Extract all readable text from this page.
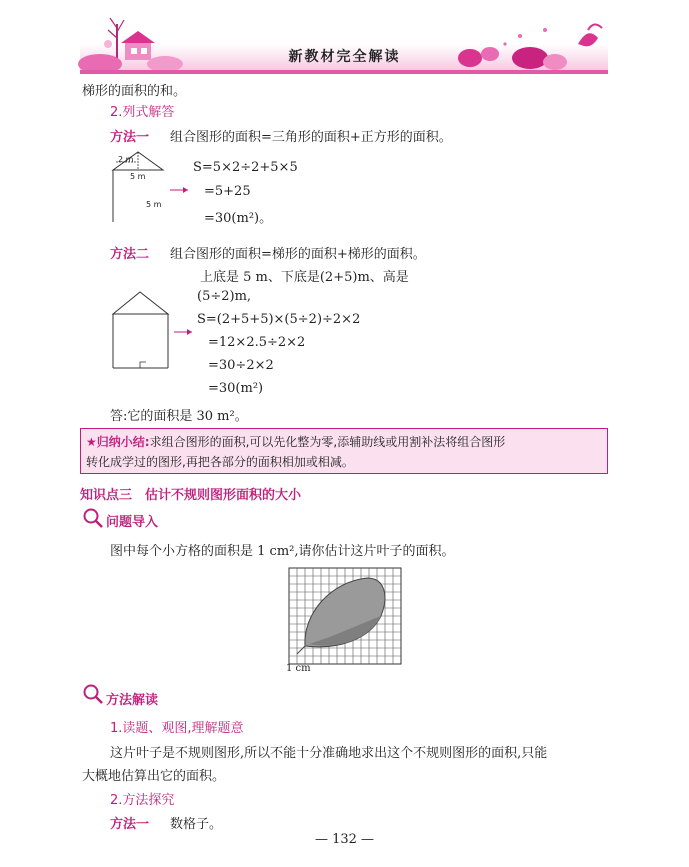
新教材完全解读
梯形的面积的和。
2.列式解答
方法一 组合图形的面积=三角形的面积+正方形的面积。
2 m
5 m
5 m
S=5×2÷2+5×5
=5+25
=30(m²)。
方法二 组合图形的面积=梯形的面积+梯形的面积。
上底是 5 m、下底是(2+5)m、高是
(5÷2)m,
S=(2+5+5)×(5÷2)÷2×2
=12×2.5÷2×2
=30÷2×2
=30(m²)
答:它的面积是 30 m²。
★归纳小结:求组合图形的面积,可以先化整为零,添辅助线或用割补法将组合图形
转化成学过的图形,再把各部分的面积相加或相减。
知识点三　估计不规则图形面积的大小
问题导入
图中每个小方格的面积是 1 cm²,请你估计这片叶子的面积。
1 cm
方法解读
1.读题、观图,理解题意
这片叶子是不规则图形,所以不能十分准确地求出这个不规则图形的面积,只能
大概地估算出它的面积。
2.方法探究
方法一 数格子。
— 132 —
